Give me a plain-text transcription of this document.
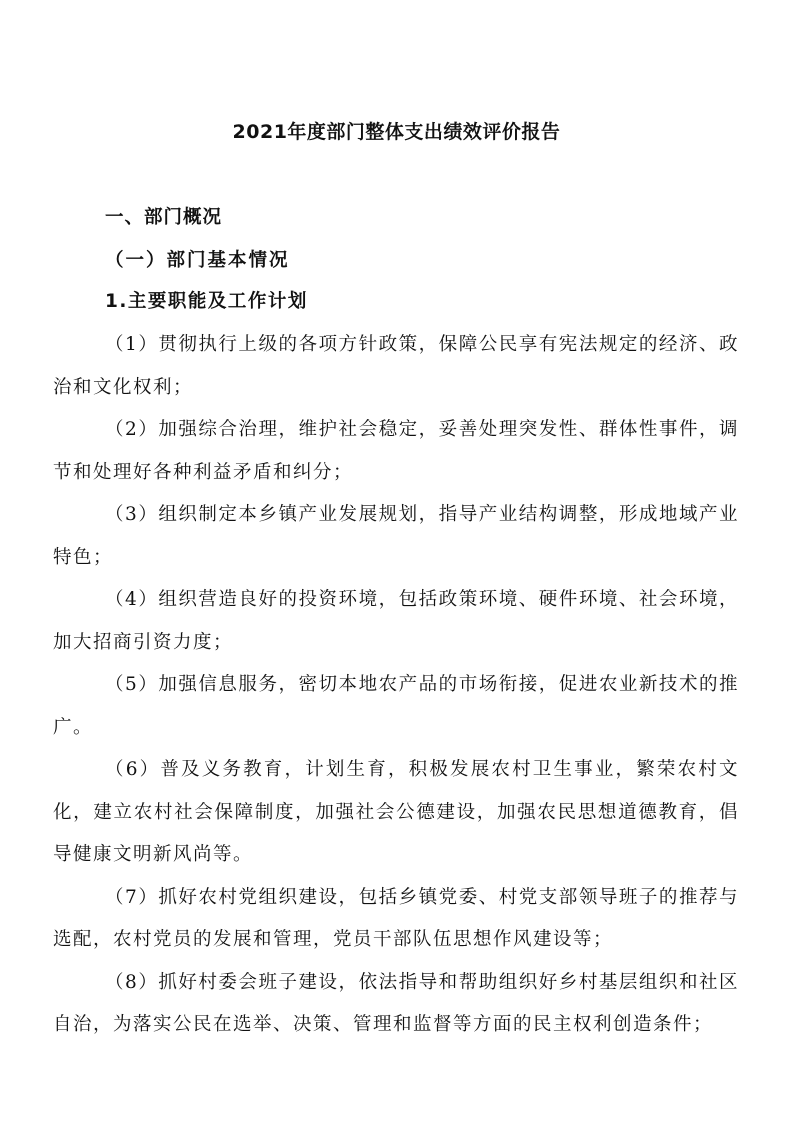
2021年度部门整体支出绩效评价报告
一、部门概况
（一）部门基本情况
1.主要职能及工作计划

（1）贯彻执行上级的各项方针政策，保障公民享有宪法规定的经济、政治和文化权利；

（2）加强综合治理，维护社会稳定，妥善处理突发性、群体性事件，调节和处理好各种利益矛盾和纠分；

（3）组织制定本乡镇产业发展规划，指导产业结构调整，形成地域产业特色；

（4）组织营造良好的投资环境，包括政策环境、硬件环境、社会环境，加大招商引资力度；

（5）加强信息服务，密切本地农产品的市场衔接，促进农业新技术的推广。

（6）普及义务教育，计划生育，积极发展农村卫生事业，繁荣农村文化，建立农村社会保障制度，加强社会公德建设，加强农民思想道德教育，倡导健康文明新风尚等。

（7）抓好农村党组织建设，包括乡镇党委、村党支部领导班子的推荐与选配，农村党员的发展和管理，党员干部队伍思想作风建设等；

（8）抓好村委会班子建设，依法指导和帮助组织好乡村基层组织和社区自治，为落实公民在选举、决策、管理和监督等方面的民主权利创造条件；
